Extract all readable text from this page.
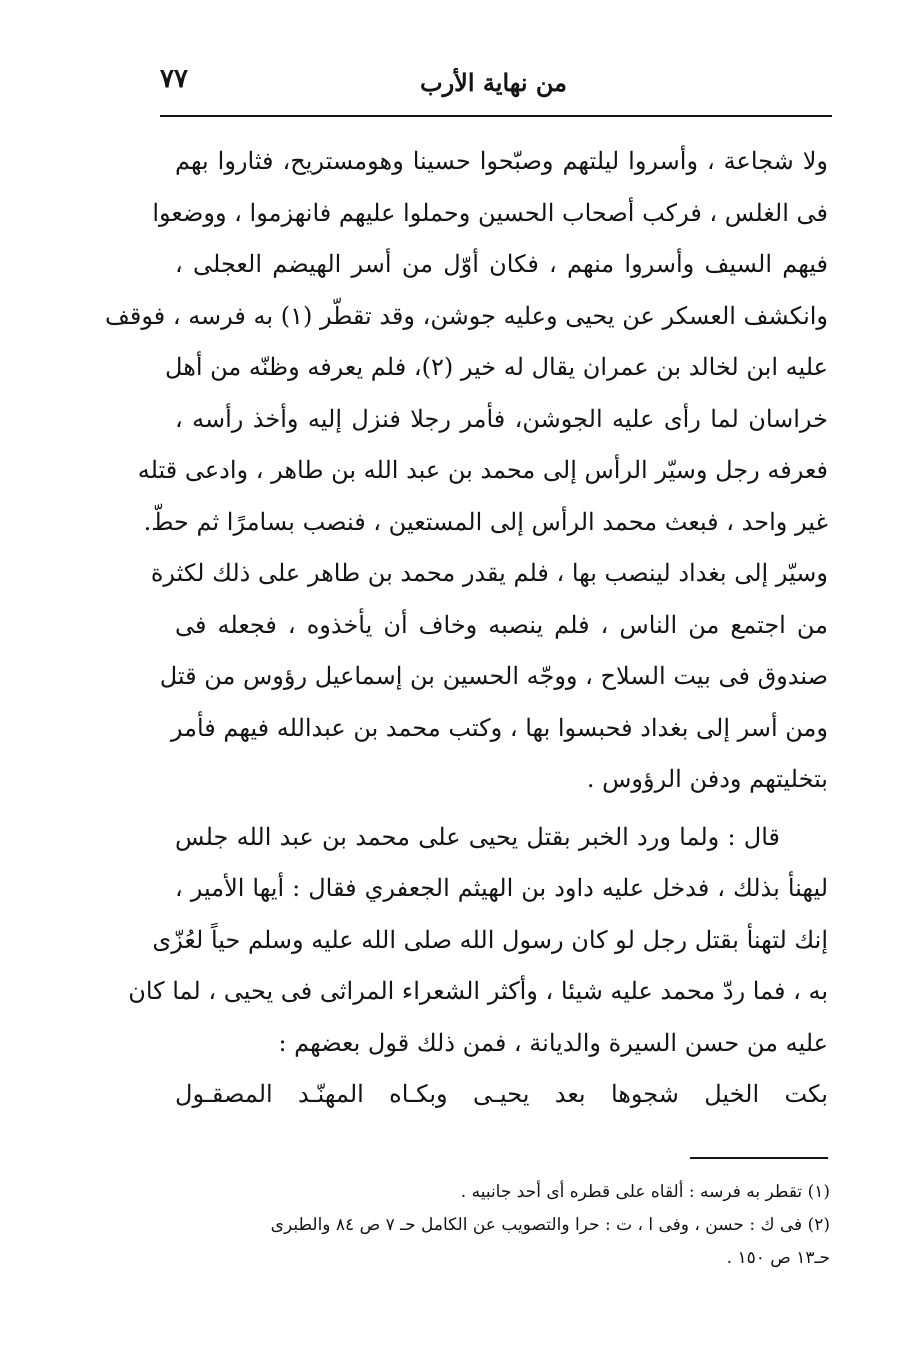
٧٧	من نهاية الأرب
ولا شجاعة ، وأسروا ليلتهم وصبّحوا حسينا وهومستريح، فثاروا بهم
فى الغلس ، فركب أصحاب الحسين وحملوا عليهم فانهزموا ، ووضعوا
فيهم السيف وأسروا منهم ، فكان أوّل من أسر الهيضم العجلى ،
وانكشف العسكر عن يحيى وعليه جوشن، وقد تقطّر (١) به فرسه ، فوقف
عليه ابن لخالد بن عمران يقال له خير (٢)، فلم يعرفه وظنّه من أهل
خراسان لما رأى عليه الجوشن، فأمر رجلا فنزل إليه وأخذ رأسه ،
فعرفه رجل وسيّر الرأس إلى محمد بن عبد الله بن طاهر ، وادعى قتله
غير واحد ، فبعث محمد الرأس إلى المستعين ، فنصب بسامرًا ثم حطّ.
وسيّر إلى بغداد لينصب بها ، فلم يقدر محمد بن طاهر على ذلك لكثرة
من اجتمع من الناس ، فلم ينصبه وخاف أن يأخذوه ، فجعله فى
صندوق فى بيت السلاح ، ووجّه الحسين بن إسماعيل رؤوس من قتل
ومن أسر إلى بغداد فحبسوا بها ، وكتب محمد بن عبدالله فيهم فأمر
بتخليتهم ودفن الرؤوس .
قال : ولما ورد الخبر بقتل يحيى على محمد بن عبد الله جلس
ليهنأ بذلك ، فدخل عليه داود بن الهيثم الجعفري فقال : أيها الأمير ،
إنك لتهنأ بقتل رجل لو كان رسول الله صلى الله عليه وسلم حياً لعُزّى
به ، فما ردّ محمد عليه شيئا ، وأكثر الشعراء المراثى فى يحيى ، لما كان
عليه من حسن السيرة والديانة ، فمن ذلك قول بعضهم :
بكت الخيل شجوها بعد يحيـى وبكـاه المهنّـد المصقـول
(١) تقطر به فرسه : ألقاه على قطره أى أحد جانبيه .
(٢) فى ك : حسن ، وفى ا ، ت : حرا والتصويب عن الكامل حـ ٧ ص ٨٤ والطبرى
حـ١٣ ص ١٥٠ .
